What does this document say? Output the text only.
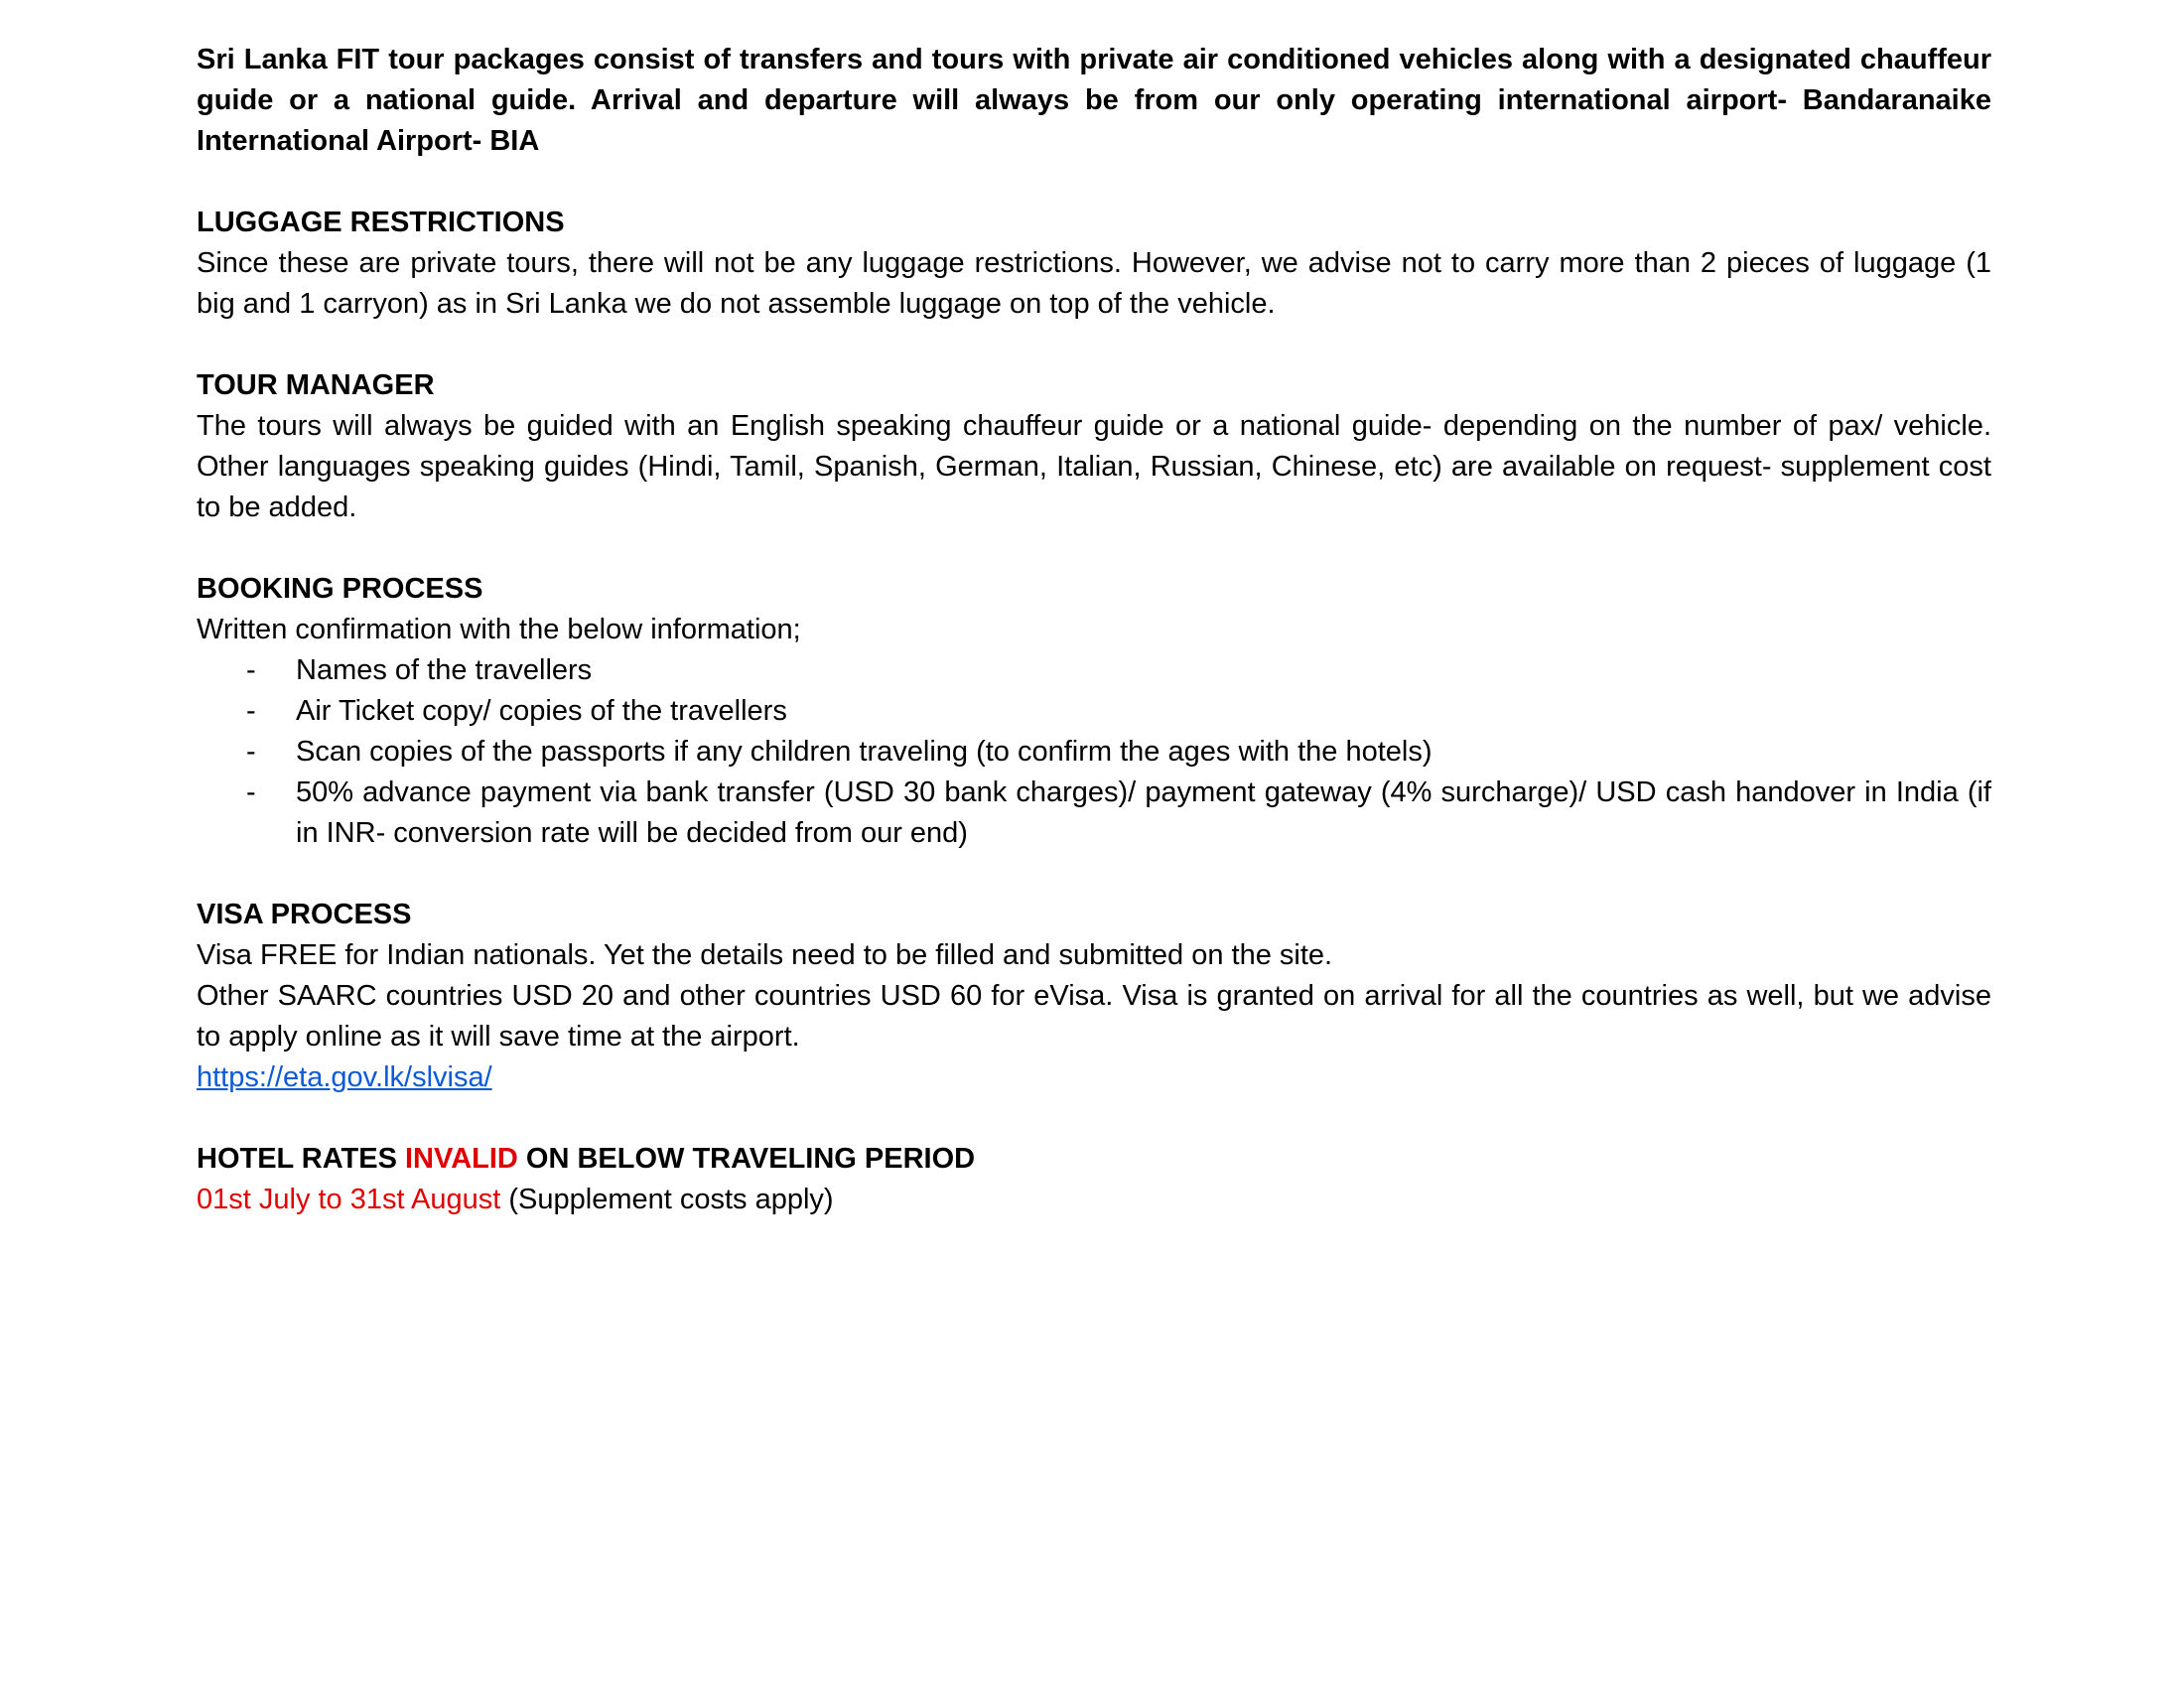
Sri Lanka FIT tour packages consist of transfers and tours with private air conditioned vehicles along with a designated chauffeur guide or a national guide. Arrival and departure will always be from our only operating international airport- Bandaranaike International Airport- BIA

LUGGAGE RESTRICTIONS

Since these are private tours, there will not be any luggage restrictions. However, we advise not to carry more than 2 pieces of luggage (1 big and 1 carryon) as in Sri Lanka we do not assemble luggage on top of the vehicle.

TOUR MANAGER

The tours will always be guided with an English speaking chauffeur guide or a national guide- depending on the number of pax/ vehicle. Other languages speaking guides (Hindi, Tamil, Spanish, German, Italian, Russian, Chinese, etc) are available on request- supplement cost to be added.

BOOKING PROCESS

Written confirmation with the below information;

- Names of the travellers
- Air Ticket copy/ copies of the travellers
- Scan copies of the passports if any children traveling (to confirm the ages with the hotels)
- 50% advance payment via bank transfer (USD 30 bank charges)/ payment gateway (4% surcharge)/ USD cash handover in India (if in INR- conversion rate will be decided from our end)

VISA PROCESS

Visa FREE for Indian nationals. Yet the details need to be filled and submitted on the site.

Other SAARC countries USD 20 and other countries USD 60 for eVisa. Visa is granted on arrival for all the countries as well, but we advise to apply online as it will save time at the airport.

https://eta.gov.lk/slvisa/

HOTEL RATES INVALID ON BELOW TRAVELING PERIOD

01st July to 31st August (Supplement costs apply)
